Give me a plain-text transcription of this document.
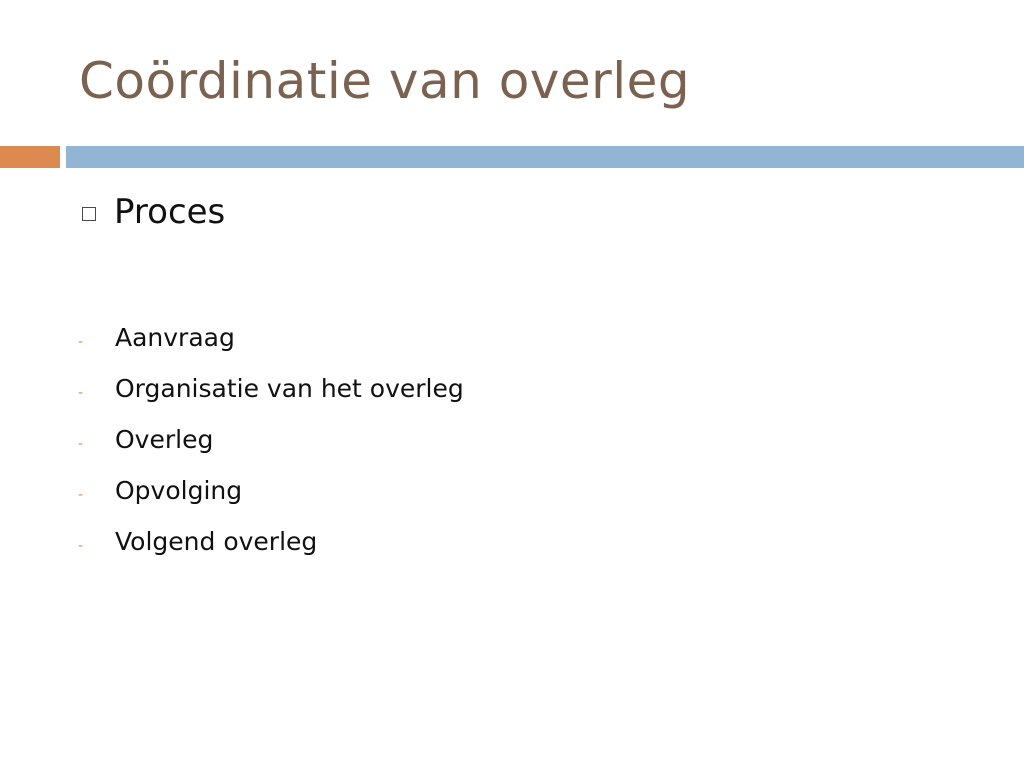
Coördinatie van overleg
Proces
-	Aanvraag
-	Organisatie van het overleg
-	Overleg
-	Opvolging
-	Volgend overleg
